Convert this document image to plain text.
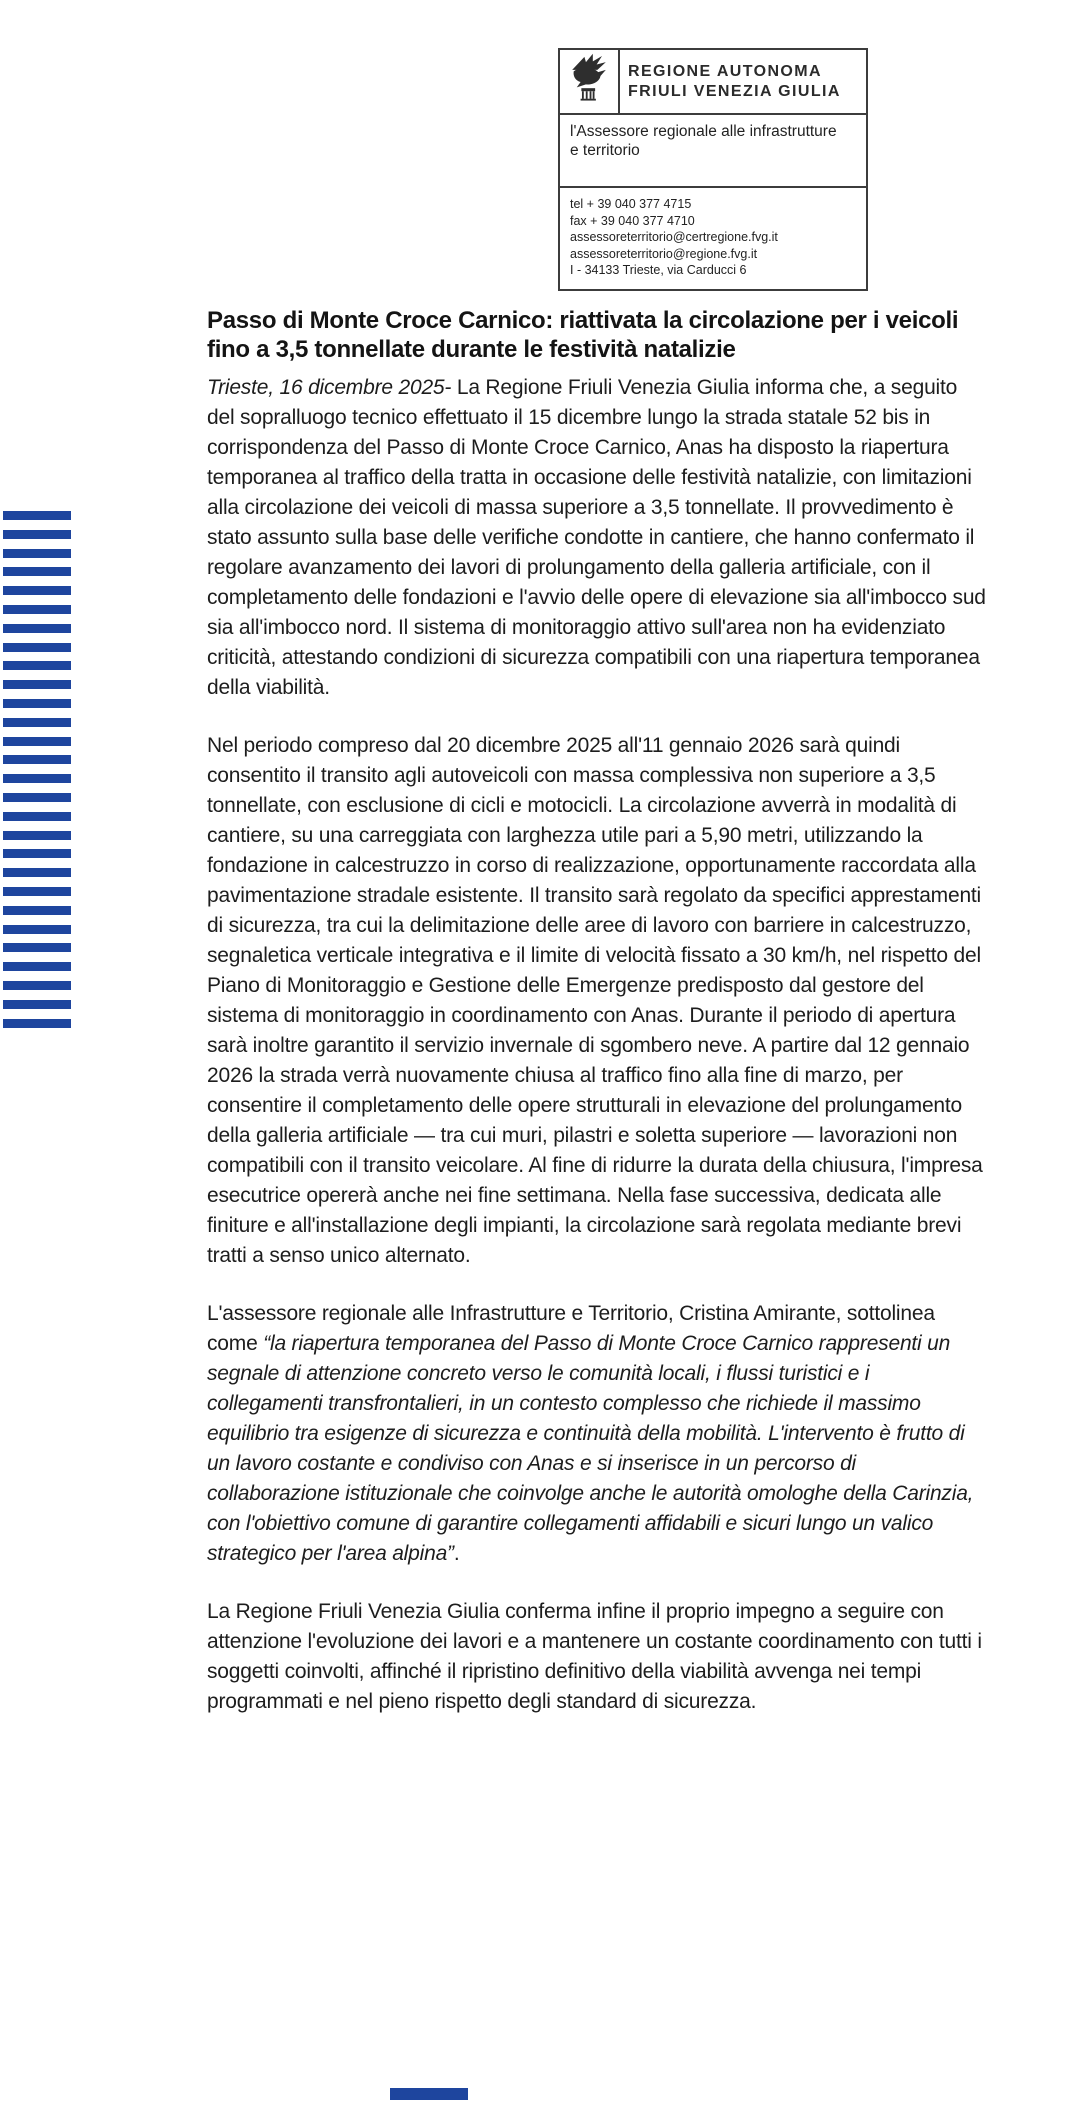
REGIONE AUTONOMA
FRIULI VENEZIA GIULIA
l'Assessore regionale alle infrastrutture
e territorio
tel + 39 040 377 4715
fax + 39 040 377 4710
assessoreterritorio@certregione.fvg.it
assessoreterritorio@regione.fvg.it
I - 34133 Trieste, via Carducci 6
Passo di Monte Croce Carnico: riattivata la circolazione per i veicoli fino a 3,5 tonnellate durante le festività natalizie

Trieste, 16 dicembre 2025- La Regione Friuli Venezia Giulia informa che, a seguito del sopralluogo tecnico effettuato il 15 dicembre lungo la strada statale 52 bis in corrispondenza del Passo di Monte Croce Carnico, Anas ha disposto la riapertura temporanea al traffico della tratta in occasione delle festività natalizie, con limitazioni alla circolazione dei veicoli di massa superiore a 3,5 tonnellate. Il provvedimento è stato assunto sulla base delle verifiche condotte in cantiere, che hanno confermato il regolare avanzamento dei lavori di prolungamento della galleria artificiale, con il completamento delle fondazioni e l'avvio delle opere di elevazione sia all'imbocco sud sia all'imbocco nord. Il sistema di monitoraggio attivo sull'area non ha evidenziato criticità, attestando condizioni di sicurezza compatibili con una riapertura temporanea della viabilità.

Nel periodo compreso dal 20 dicembre 2025 all'11 gennaio 2026 sarà quindi consentito il transito agli autoveicoli con massa complessiva non superiore a 3,5 tonnellate, con esclusione di cicli e motocicli. La circolazione avverrà in modalità di cantiere, su una carreggiata con larghezza utile pari a 5,90 metri, utilizzando la fondazione in calcestruzzo in corso di realizzazione, opportunamente raccordata alla pavimentazione stradale esistente. Il transito sarà regolato da specifici apprestamenti di sicurezza, tra cui la delimitazione delle aree di lavoro con barriere in calcestruzzo, segnaletica verticale integrativa e il limite di velocità fissato a 30 km/h, nel rispetto del Piano di Monitoraggio e Gestione delle Emergenze predisposto dal gestore del sistema di monitoraggio in coordinamento con Anas. Durante il periodo di apertura sarà inoltre garantito il servizio invernale di sgombero neve. A partire dal 12 gennaio 2026 la strada verrà nuovamente chiusa al traffico fino alla fine di marzo, per consentire il completamento delle opere strutturali in elevazione del prolungamento della galleria artificiale — tra cui muri, pilastri e soletta superiore — lavorazioni non compatibili con il transito veicolare. Al fine di ridurre la durata della chiusura, l'impresa esecutrice opererà anche nei fine settimana. Nella fase successiva, dedicata alle finiture e all'installazione degli impianti, la circolazione sarà regolata mediante brevi tratti a senso unico alternato.

L'assessore regionale alle Infrastrutture e Territorio, Cristina Amirante, sottolinea come “la riapertura temporanea del Passo di Monte Croce Carnico rappresenti un segnale di attenzione concreto verso le comunità locali, i flussi turistici e i collegamenti transfrontalieri, in un contesto complesso che richiede il massimo equilibrio tra esigenze di sicurezza e continuità della mobilità. L'intervento è frutto di un lavoro costante e condiviso con Anas e si inserisce in un percorso di collaborazione istituzionale che coinvolge anche le autorità omologhe della Carinzia, con l'obiettivo comune di garantire collegamenti affidabili e sicuri lungo un valico strategico per l'area alpina”.

La Regione Friuli Venezia Giulia conferma infine il proprio impegno a seguire con attenzione l'evoluzione dei lavori e a mantenere un costante coordinamento con tutti i soggetti coinvolti, affinché il ripristino definitivo della viabilità avvenga nei tempi programmati e nel pieno rispetto degli standard di sicurezza.
